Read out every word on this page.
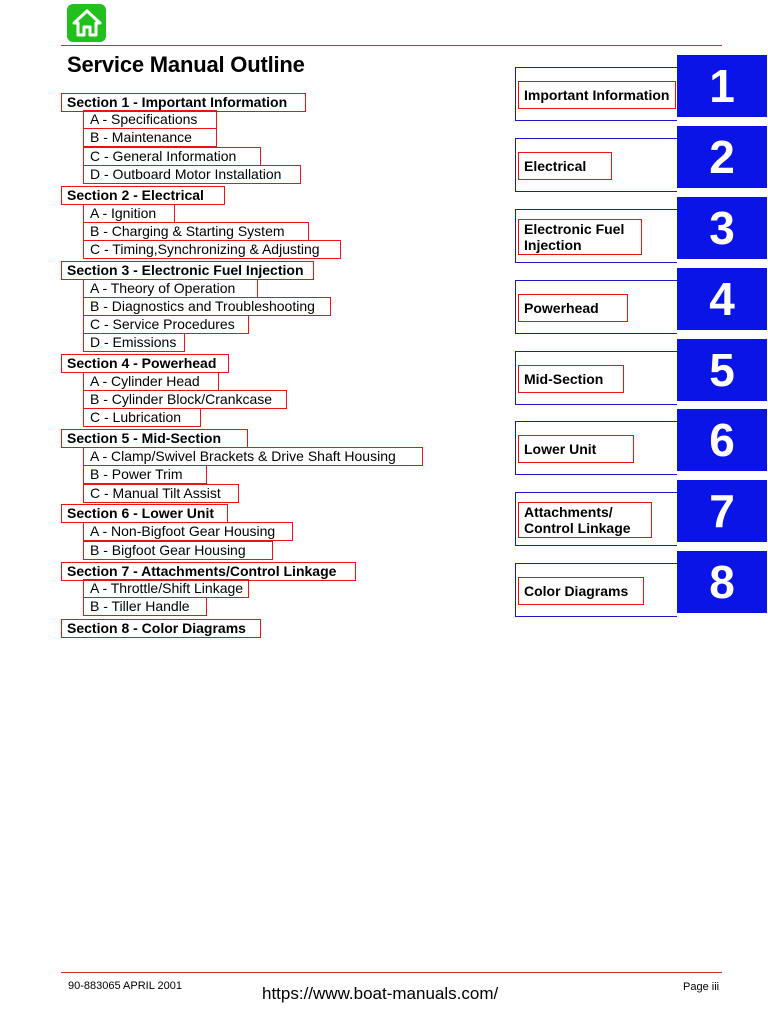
Service Manual Outline
Section 1 - Important Information
A - Specifications
B - Maintenance
C - General Information
D - Outboard Motor Installation
Section 2 - Electrical
A - Ignition
B - Charging & Starting System
C - Timing,Synchronizing & Adjusting
Section 3 - Electronic Fuel Injection
A - Theory of Operation
B - Diagnostics and Troubleshooting
C - Service Procedures
D - Emissions
Section 4 - Powerhead
A - Cylinder Head
B - Cylinder Block/Crankcase
C - Lubrication
Section 5 - Mid-Section
A - Clamp/Swivel Brackets & Drive Shaft Housing
B - Power Trim
C - Manual Tilt Assist
Section 6 - Lower Unit
A - Non-Bigfoot Gear Housing
B - Bigfoot Gear Housing
Section 7 - Attachments/Control Linkage
A - Throttle/Shift Linkage
B - Tiller Handle
Section 8 - Color Diagrams
Important Information 1
Electrical	2
Electronic Fuel
Injection	3
Powerhead	4
Mid-Section	5
Lower Unit	6
Attachments/
Control Linkage	7
Color Diagrams	8
90-883065 APRIL 2001	https://www.boat-manuals.com/	Page iii
